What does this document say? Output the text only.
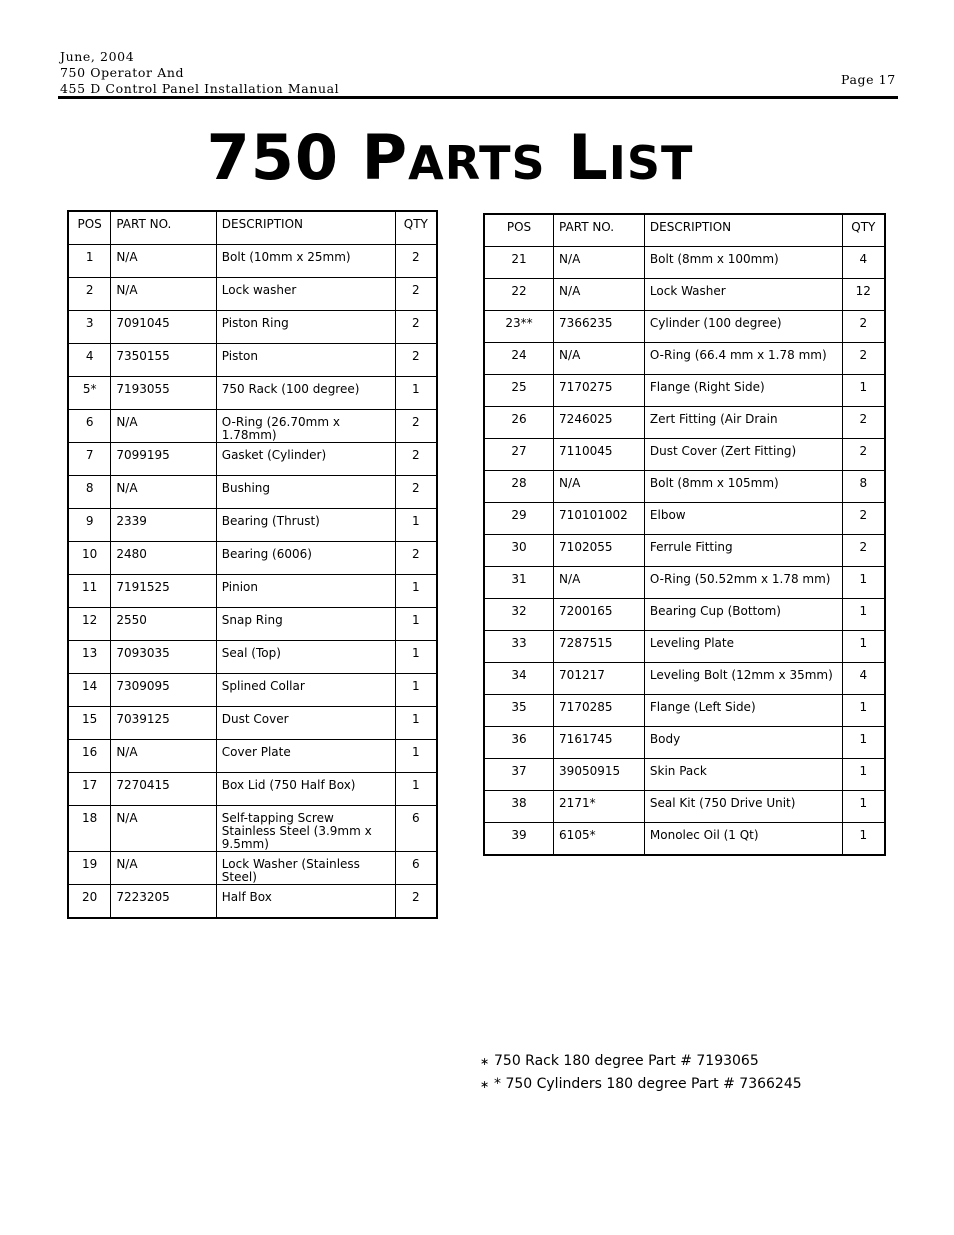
June, 2004
750 Operator And
455 D Control Panel Installation Manual
Page 17
750 PARTS LIST
POS	PART NO.	DESCRIPTION	QTY
1	N/A	Bolt (10mm x 25mm)	2
2	N/A	Lock washer	2
3	7091045	Piston Ring	2
4	7350155	Piston	2
5*	7193055	750 Rack (100 degree)	1
6	N/A	O-Ring (26.70mm x 1.78mm)	2
7	7099195	Gasket (Cylinder)	2
8	N/A	Bushing	2
9	2339	Bearing (Thrust)	1
10	2480	Bearing (6006)	2
11	7191525	Pinion	1
12	2550	Snap Ring	1
13	7093035	Seal (Top)	1
14	7309095	Splined Collar	1
15	7039125	Dust Cover	1
16	N/A	Cover Plate	1
17	7270415	Box Lid (750 Half Box)	1
18	N/A	Self-tapping Screw Stainless Steel (3.9mm x 9.5mm)	6
19	N/A	Lock Washer (Stainless Steel)	6
20	7223205	Half Box	2
POS	PART NO.	DESCRIPTION	QTY
21	N/A	Bolt (8mm x 100mm)	4
22	N/A	Lock Washer	12
23**	7366235	Cylinder (100 degree)	2
24	N/A	O-Ring (66.4 mm x 1.78 mm)	2
25	7170275	Flange (Right Side)	1
26	7246025	Zert Fitting (Air Drain	2
27	7110045	Dust Cover (Zert Fitting)	2
28	N/A	Bolt (8mm x 105mm)	8
29	710101002	Elbow	2
30	7102055	Ferrule Fitting	2
31	N/A	O-Ring (50.52mm x 1.78 mm)	1
32	7200165	Bearing Cup (Bottom)	1
33	7287515	Leveling Plate	1
34	701217	Leveling Bolt (12mm x 35mm)	4
35	7170285	Flange (Left Side)	1
36	7161745	Body	1
37	39050915	Skin Pack	1
38	2171*	Seal Kit (750 Drive Unit)	1
39	6105*	Monolec Oil (1 Qt)	1
∗ 750 Rack 180 degree Part # 7193065
∗ * 750 Cylinders 180 degree Part # 7366245
